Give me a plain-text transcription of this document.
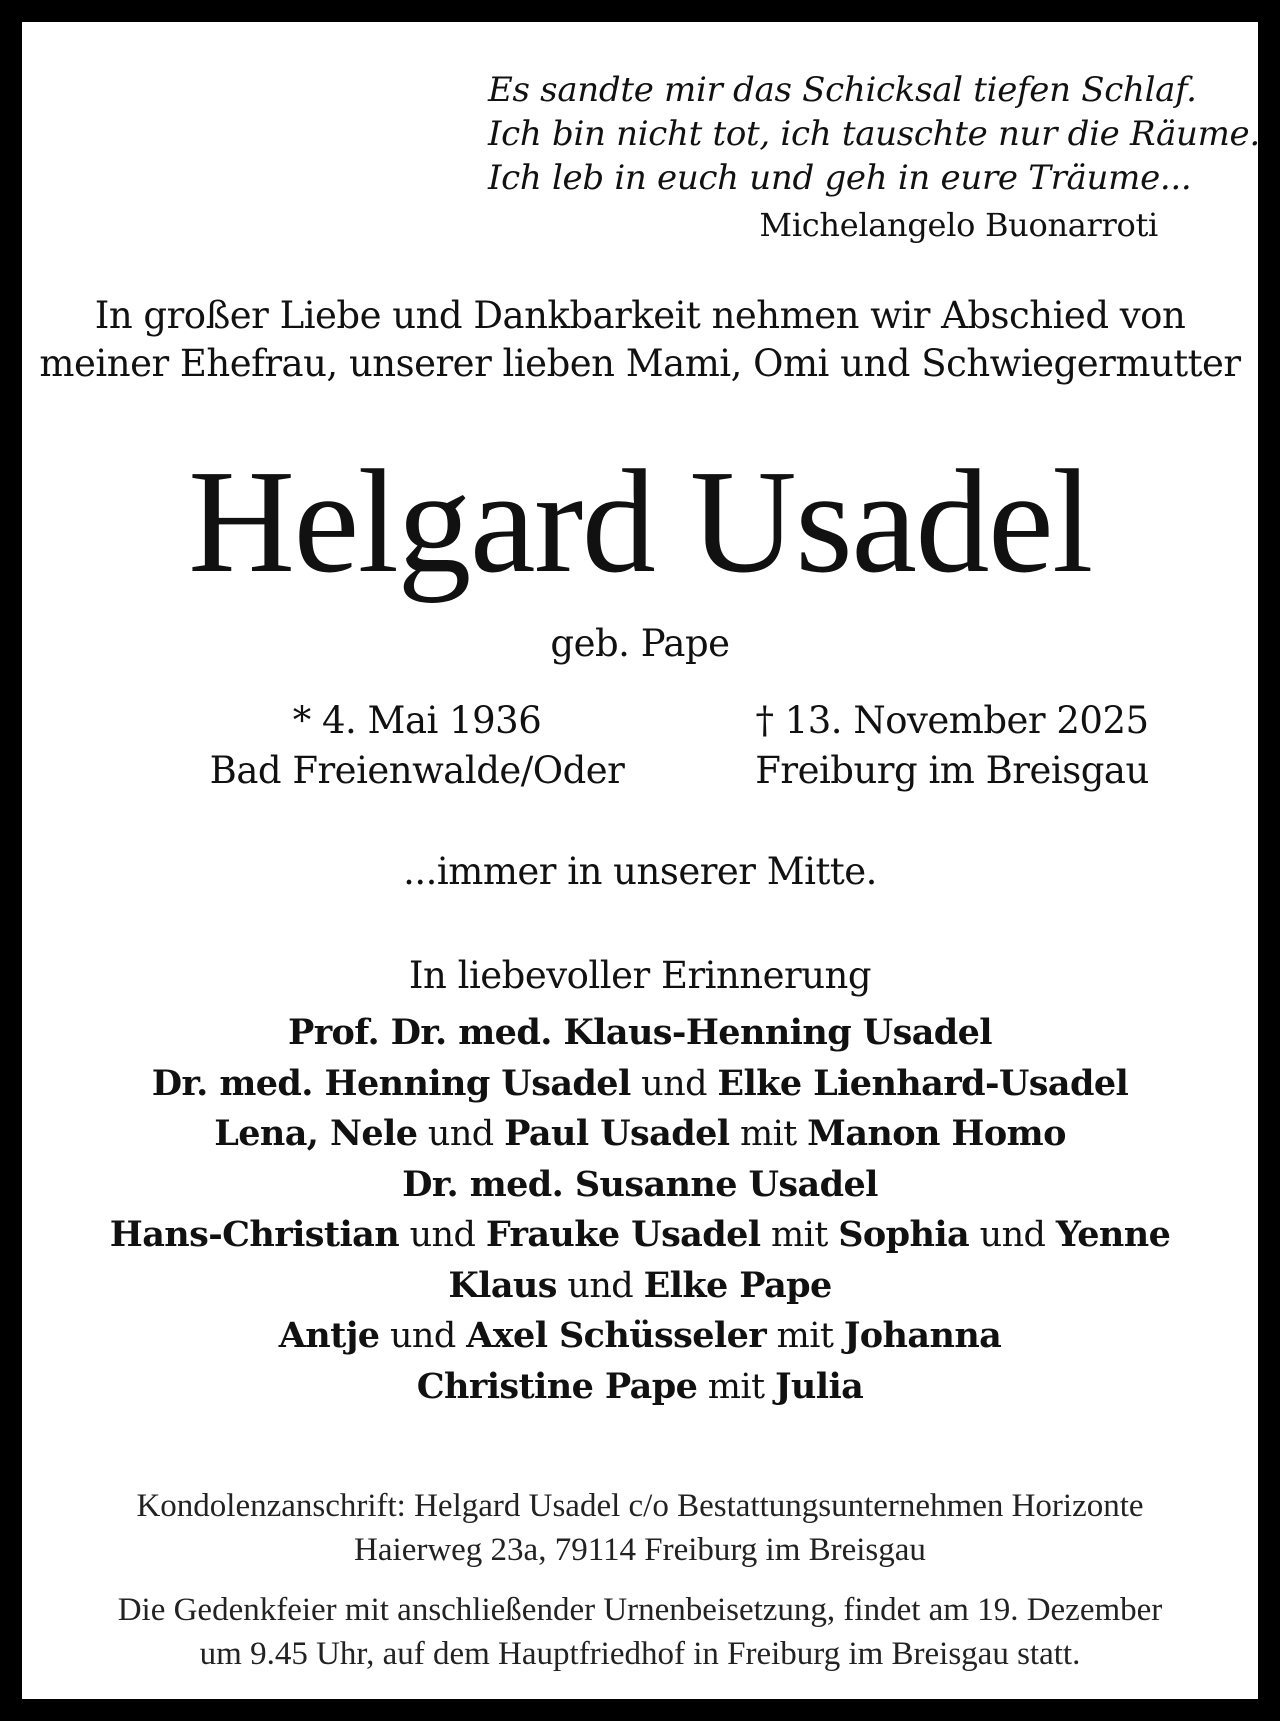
Es sandte mir das Schicksal tiefen Schlaf.
Ich bin nicht tot, ich tauschte nur die Räume.
Ich leb in euch und geh in eure Träume...
Michelangelo Buonarroti
In großer Liebe und Dankbarkeit nehmen wir Abschied von
meiner Ehefrau, unserer lieben Mami, Omi und Schwiegermutter
Helgard Usadel
geb. Pape
* 4. Mai 1936
Bad Freienwalde/Oder
† 13. November 2025
Freiburg im Breisgau
...immer in unserer Mitte.
In liebevoller Erinnerung
Prof. Dr. med. Klaus-Henning Usadel
Dr. med. Henning Usadel und Elke Lienhard-Usadel
Lena, Nele und Paul Usadel mit Manon Homo
Dr. med. Susanne Usadel
Hans-Christian und Frauke Usadel mit Sophia und Yenne
Klaus und Elke Pape
Antje und Axel Schüsseler mit Johanna
Christine Pape mit Julia
Kondolenzanschrift: Helgard Usadel c/o Bestattungsunternehmen Horizonte
Haierweg 23a, 79114 Freiburg im Breisgau
Die Gedenkfeier mit anschließender Urnenbeisetzung, findet am 19. Dezember
um 9.45 Uhr, auf dem Hauptfriedhof in Freiburg im Breisgau statt.
